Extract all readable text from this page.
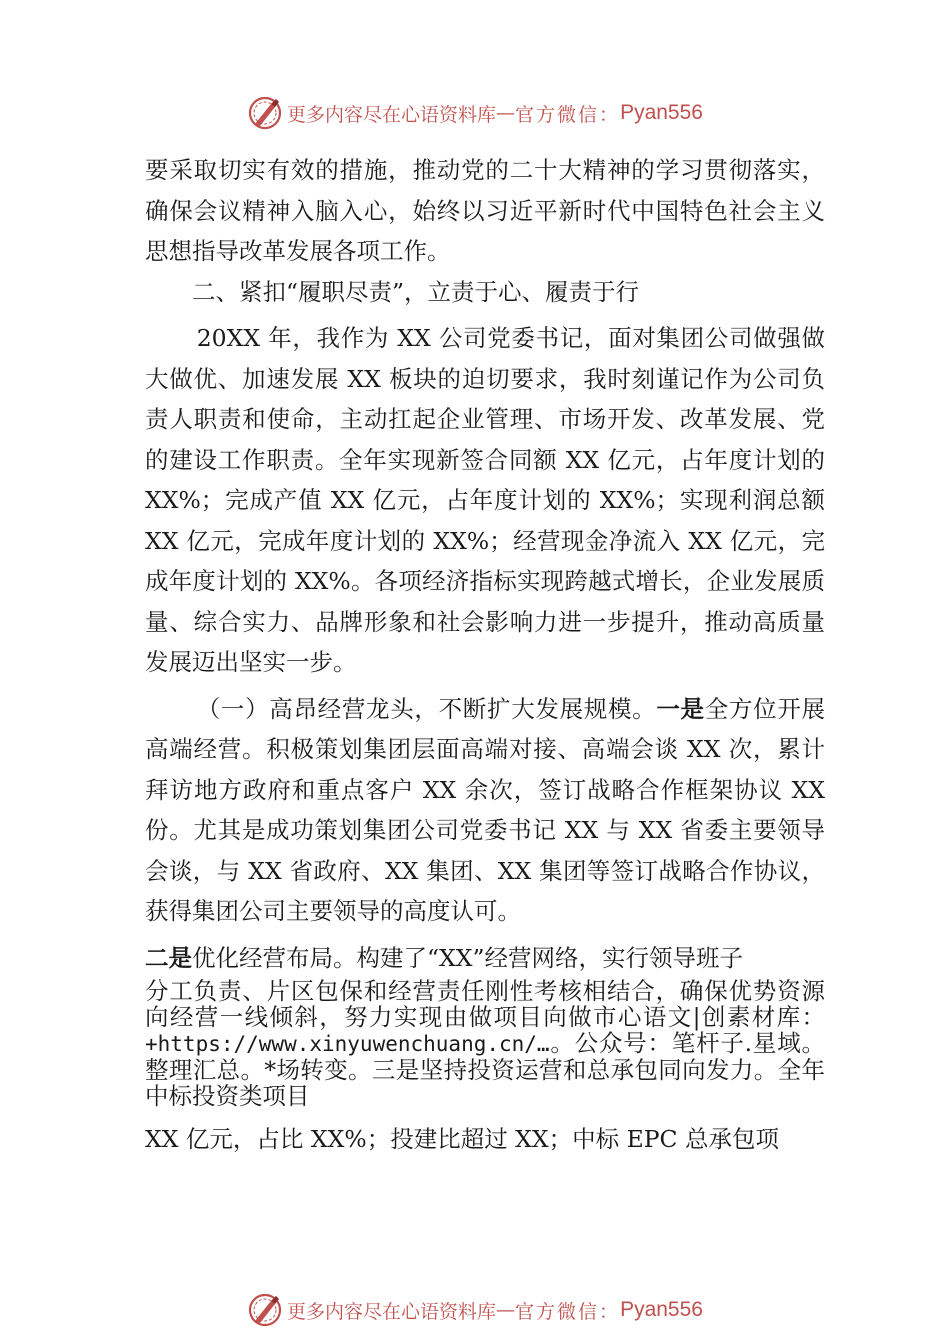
更多内容尽在心语资料库 — 官方微信： Pyan556

要采取切实有效的措施，推动党的二十大精神的学习贯彻落实，确保会议精神入脑入心，始终以习近平新时代中国特色社会主义思想指导改革发展各项工作。

二、紧扣“履职尽责”，立责于心、履责于行

20XX 年，我作为 XX 公司党委书记，面对集团公司做强做大做优、加速发展 XX 板块的迫切要求，我时刻谨记作为公司负责人职责和使命，主动扛起企业管理、市场开发、改革发展、党的建设工作职责。全年实现新签合同额 XX 亿元，占年度计划的 XX%；完成产值 XX 亿元，占年度计划的 XX%；实现利润总额 XX 亿元，完成年度计划的 XX%；经营现金净流入 XX 亿元，完成年度计划的 XX%。各项经济指标实现跨越式增长，企业发展质量、综合实力、品牌形象和社会影响力进一步提升，推动高质量发展迈出坚实一步。

（一）高昂经营龙头，不断扩大发展规模。一是全方位开展高端经营。积极策划集团层面高端对接、高端会谈 XX 次，累计拜访地方政府和重点客户 XX 余次，签订战略合作框架协议 XX 份。尤其是成功策划集团公司党委书记 XX 与 XX 省委主要领导会谈，与 XX 省政府、XX 集团、XX 集团等签订战略合作协议，获得集团公司主要领导的高度认可。

二是优化经营布局。构建了“XX”经营网络，实行领导班子

分工负责、片区包保和经营责任刚性考核相结合，确保优势资源向经营一线倾斜，努力实现由做项目向做市心语文|创素材库：+https://www.xinyuwenchuang.cn/…。公众号：笔杆子.星域。整理汇总。*场转变。三是坚持投资运营和总承包同向发力。全年中标投资类项目

XX 亿元，占比 XX%；投建比超过 XX；中标 EPC 总承包项

更多内容尽在心语资料库 — 官方微信： Pyan556
